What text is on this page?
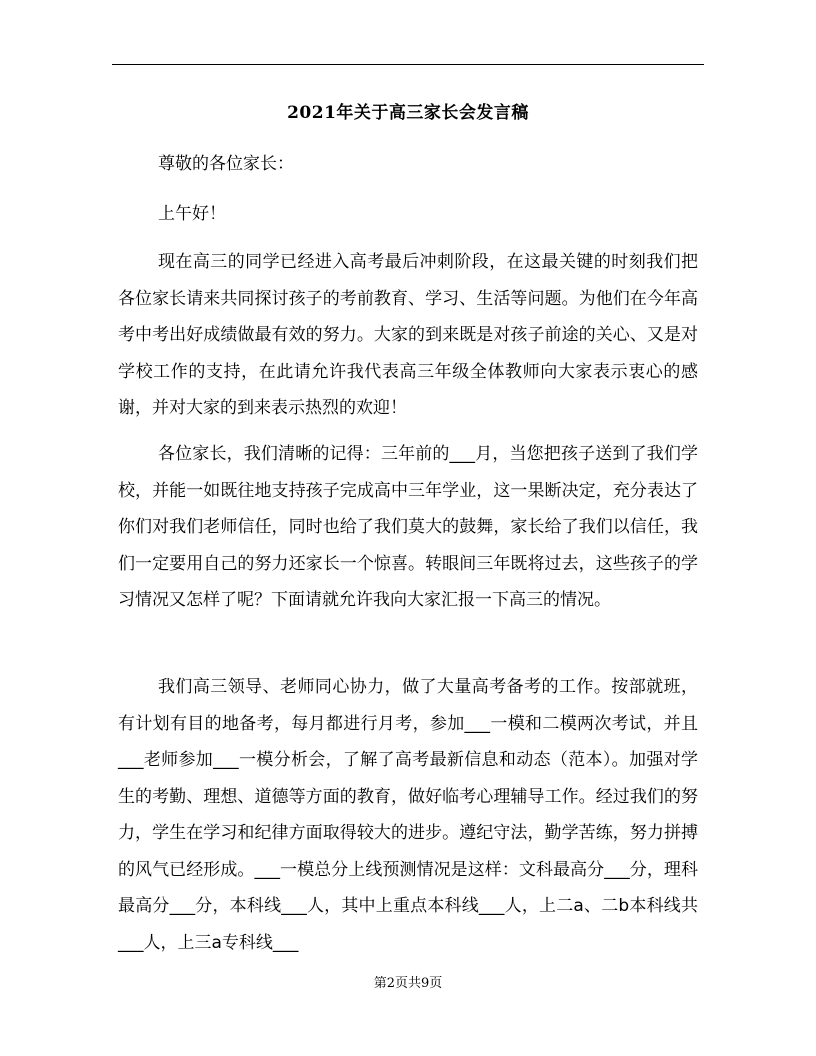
2021年关于高三家长会发言稿

尊敬的各位家长：

上午好！

现在高三的同学已经进入高考最后冲刺阶段，在这最关键的时刻我们把各位家长请来共同探讨孩子的考前教育、学习、生活等问题。为他们在今年高考中考出好成绩做最有效的努力。大家的到来既是对孩子前途的关心、又是对学校工作的支持，在此请允许我代表高三年级全体教师向大家表示衷心的感谢，并对大家的到来表示热烈的欢迎！

各位家长，我们清晰的记得：三年前的___月，当您把孩子送到了我们学校，并能一如既往地支持孩子完成高中三年学业，这一果断决定，充分表达了你们对我们老师信任，同时也给了我们莫大的鼓舞，家长给了我们以信任，我们一定要用自己的努力还家长一个惊喜。转眼间三年既将过去，这些孩子的学习情况又怎样了呢？下面请就允许我向大家汇报一下高三的情况。

我们高三领导、老师同心协力，做了大量高考备考的工作。按部就班，有计划有目的地备考，每月都进行月考，参加___一模和二模两次考试，并且___老师参加___一模分析会，了解了高考最新信息和动态（范本）。加强对学生的考勤、理想、道德等方面的教育，做好临考心理辅导工作。经过我们的努力，学生在学习和纪律方面取得较大的进步。遵纪守法，勤学苦练，努力拼搏的风气已经形成。___一模总分上线预测情况是这样：文科最高分___分，理科最高分___分，本科线___人，其中上重点本科线___人，上二a、二b本科线共___人，上三a专科线___

第2页共9页
